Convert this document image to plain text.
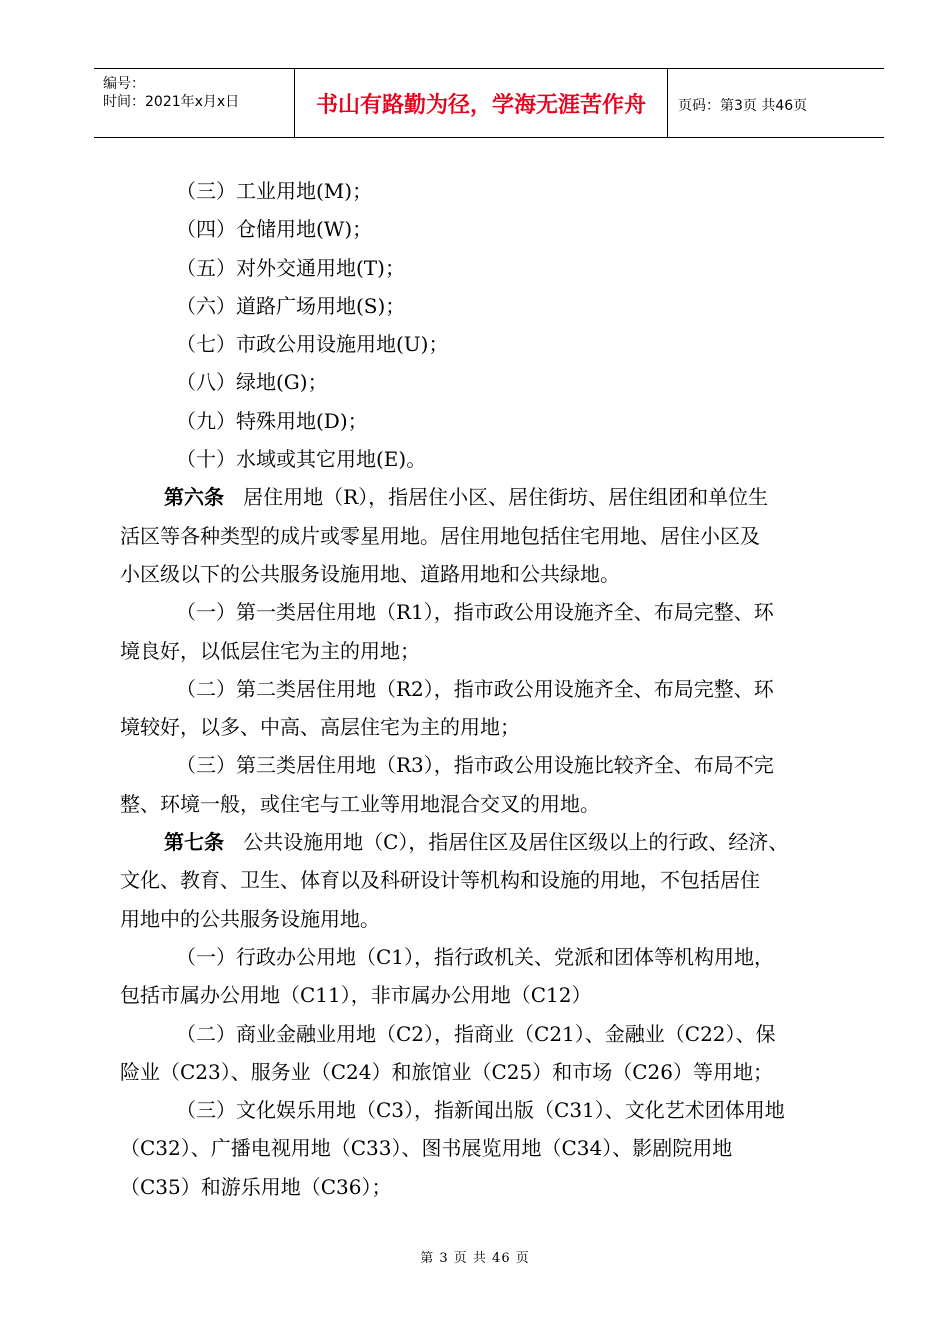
编号：
时间：2021年x月x日	书山有路勤为径，学海无涯苦作舟	页码：第3页 共46页
（三）工业用地(M)；
（四）仓储用地(W)；
（五）对外交通用地(T)；
（六）道路广场用地(S)；
（七）市政公用设施用地(U)；
（八）绿地(G)；
（九）特殊用地(D)；
（十）水域或其它用地(E)。
第六条 居住用地（R），指居住小区、居住街坊、居住组团和单位生
活区等各种类型的成片或零星用地。居住用地包括住宅用地、居住小区及
小区级以下的公共服务设施用地、道路用地和公共绿地。
（一）第一类居住用地（R1），指市政公用设施齐全、布局完整、环
境良好，以低层住宅为主的用地；
（二）第二类居住用地（R2），指市政公用设施齐全、布局完整、环
境较好，以多、中高、高层住宅为主的用地；
（三）第三类居住用地（R3），指市政公用设施比较齐全、布局不完
整、环境一般，或住宅与工业等用地混合交叉的用地。
第七条 公共设施用地（C），指居住区及居住区级以上的行政、经济、
文化、教育、卫生、体育以及科研设计等机构和设施的用地，不包括居住
用地中的公共服务设施用地。
（一）行政办公用地（C1），指行政机关、党派和团体等机构用地，
包括市属办公用地（C11），非市属办公用地（C12）
（二）商业金融业用地（C2），指商业（C21）、金融业（C22）、保
险业（C23）、服务业（C24）和旅馆业（C25）和市场（C26）等用地；
（三）文化娱乐用地（C3），指新闻出版（C31）、文化艺术团体用地
（C32）、广播电视用地（C33）、图书展览用地（C34）、影剧院用地
（C35）和游乐用地（C36）；
第 3 页 共 46 页
